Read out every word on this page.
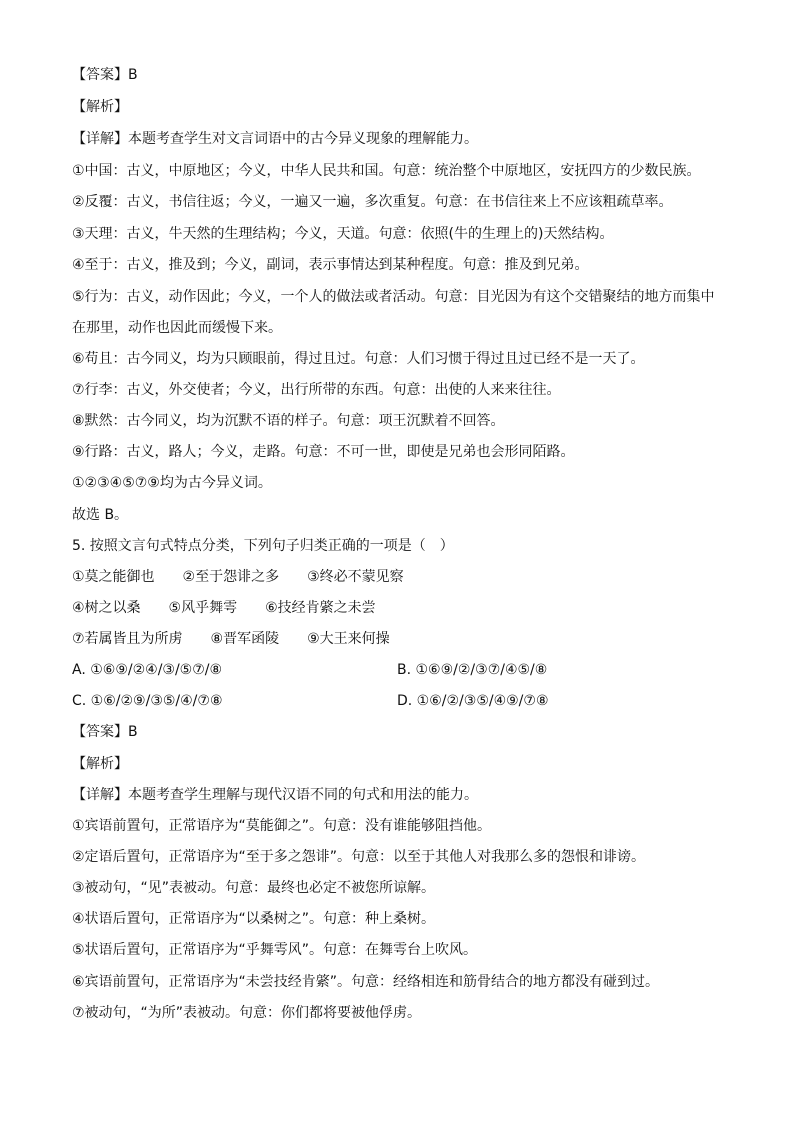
【答案】B
【解析】
【详解】本题考查学生对文言词语中的古今异义现象的理解能力。
①中国：古义，中原地区；今义，中华人民共和国。句意：统治整个中原地区，安抚四方的少数民族。
②反覆：古义，书信往返；今义，一遍又一遍，多次重复。句意：在书信往来上不应该粗疏草率。
③天理：古义，牛天然的生理结构；今义，天道。句意：依照(牛的生理上的)天然结构。
④至于：古义，推及到；今义，副词，表示事情达到某种程度。句意：推及到兄弟。
⑤行为：古义，动作因此；今义，一个人的做法或者活动。句意：目光因为有这个交错聚结的地方而集中
在那里，动作也因此而缓慢下来。
⑥苟且：古今同义，均为只顾眼前，得过且过。句意：人们习惯于得过且过已经不是一天了。
⑦行李：古义，外交使者；今义，出行所带的东西。句意：出使的人来来往往。
⑧默然：古今同义，均为沉默不语的样子。句意：项王沉默着不回答。
⑨行路：古义，路人；今义，走路。句意：不可一世，即使是兄弟也会形同陌路。
①②③④⑤⑦⑨均为古今异义词。
故选 B。
5. 按照文言句式特点分类，下列句子归类正确的一项是（　）
①莫之能御也　　②至于怨诽之多　　③终必不蒙见察
④树之以桑　　⑤风乎舞雩　　⑥技经肯綮之未尝
⑦若属皆且为所虏　　⑧晋军函陵　　⑨大王来何操
A. ①⑥⑨/②④/③/⑤⑦/⑧	B. ①⑥⑨/②/③⑦/④⑤/⑧
C. ①⑥/②⑨/③⑤/④/⑦⑧	D. ①⑥/②/③⑤/④⑨/⑦⑧
【答案】B
【解析】
【详解】本题考查学生理解与现代汉语不同的句式和用法的能力。
①宾语前置句，正常语序为“莫能御之”。句意：没有谁能够阻挡他。
②定语后置句，正常语序为“至于多之怨诽”。句意：以至于其他人对我那么多的怨恨和诽谤。
③被动句，“见”表被动。句意：最终也必定不被您所谅解。
④状语后置句，正常语序为“以桑树之”。句意：种上桑树。
⑤状语后置句，正常语序为“乎舞雩风”。句意：在舞雩台上吹风。
⑥宾语前置句，正常语序为“未尝技经肯綮”。句意：经络相连和筋骨结合的地方都没有碰到过。
⑦被动句，“为所”表被动。句意：你们都将要被他俘虏。
